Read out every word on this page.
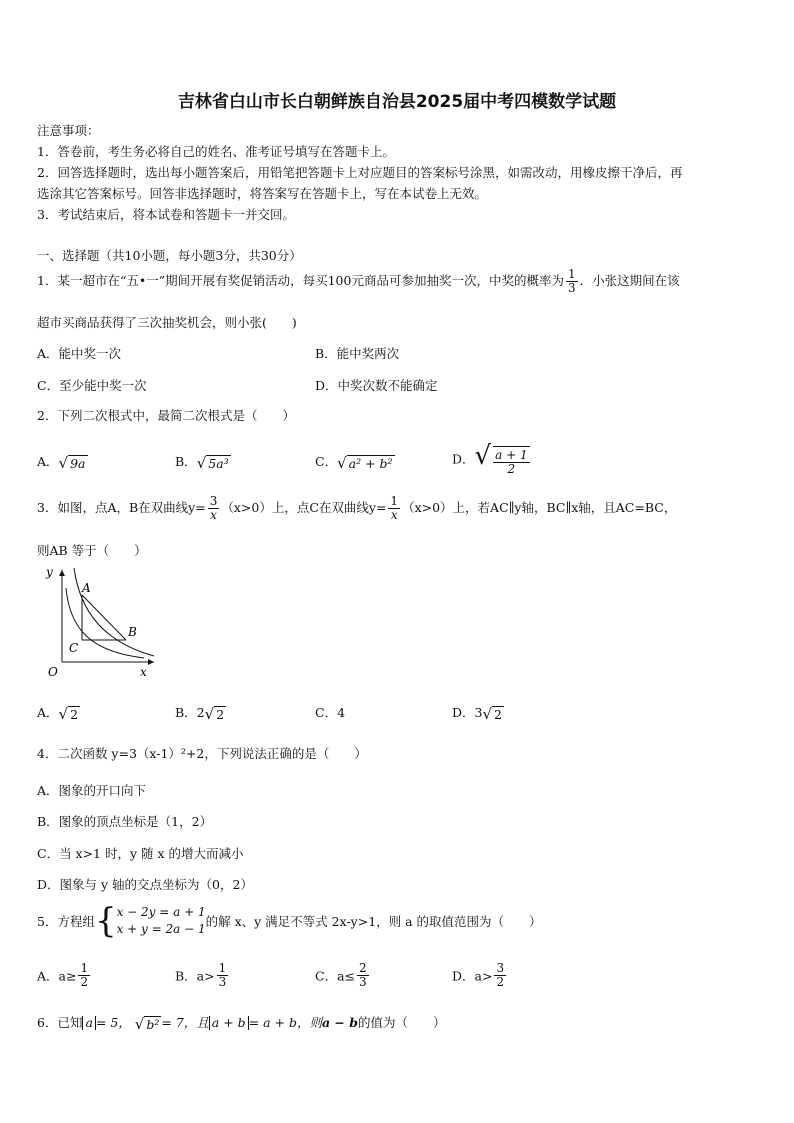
吉林省白山市长白朝鲜族自治县2025届中考四模数学试题
注意事项：
1．答卷前，考生务必将自己的姓名、准考证号填写在答题卡上。
2．回答选择题时，选出每小题答案后，用铅笔把答题卡上对应题目的答案标号涂黑，如需改动，用橡皮擦干净后，再
选涂其它答案标号。回答非选择题时，将答案写在答题卡上，写在本试卷上无效。
3．考试结束后，将本试卷和答题卡一并交回。
一、选择题（共10小题，每小题3分，共30分）
1．某一超市在“五•一”期间开展有奖促销活动，每买100元商品可参加抽奖一次，中奖的概率为 $\frac{1}{3}$ ．小张这期间在该
超市买商品获得了三次抽奖机会，则小张(　　)
A．能中奖一次	B．能中奖两次
C．至少能中奖一次	D．中奖次数不能确定
2．下列二次根式中，最简二次根式是（　　）
A．√ 9a	B．√ 5a³	C．√ a² + b²	D．√ $\frac{a + 1}{2}$
3．如图，点A，B在双曲线$y= \frac{3}{x} (x>0)$上，点C在双曲线$y= \frac{1}{x} (x>0)$上，若AC∥y轴，BC∥x轴，且AC=BC，
则AB 等于（　　）
y
x
O
A
B
C
A．√ 2	B．2√ 2	C．4	D．3√ 2
4．二次函数 y=3（x-1）²+2，下列说法正确的是（　　）
A．图象的开口向下
B．图象的顶点坐标是（1，2）
C．当 x>1 时，y 随 x 的增大而减小
D．图象与 y 轴的交点坐标为（0，2）
5．方程组{ x − 2y = a + 1
x + y = 2a − 1 的解 x、y 满足不等式 2x-y>1，则 a 的取值范围为（　　）
A．$a\ge \frac{1}{2}$	B．$a> \frac{1}{3}$	C．$a\le \frac{2}{3}$	D．$a> \frac{3}{2}$
6．已知 a = 5， √ b² = 7，且 a + b = a + b，则a − b的值为（　　）
